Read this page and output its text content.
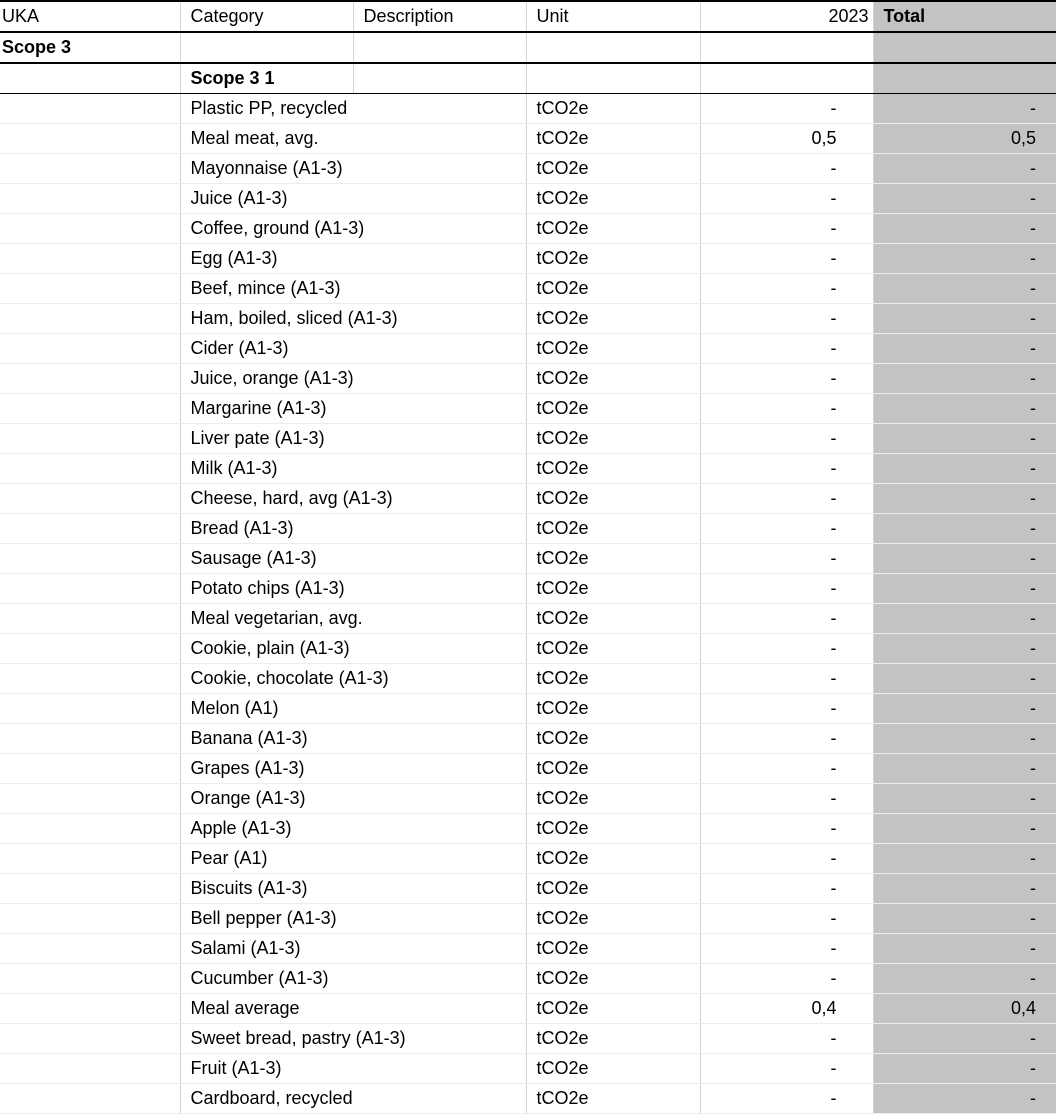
UKA	Category	Description	Unit	2023	Total
Scope 3					
	Scope 3 1				
	Plastic PP, recycled		tCO2e	-	-
	Meal meat, avg.		tCO2e	0,5	0,5
	Mayonnaise (A1-3)		tCO2e	-	-
	Juice (A1-3)		tCO2e	-	-
	Coffee, ground (A1-3)		tCO2e	-	-
	Egg (A1-3)		tCO2e	-	-
	Beef, mince (A1-3)		tCO2e	-	-
	Ham, boiled, sliced (A1-3)		tCO2e	-	-
	Cider (A1-3)		tCO2e	-	-
	Juice, orange (A1-3)		tCO2e	-	-
	Margarine (A1-3)		tCO2e	-	-
	Liver pate (A1-3)		tCO2e	-	-
	Milk (A1-3)		tCO2e	-	-
	Cheese, hard, avg (A1-3)		tCO2e	-	-
	Bread (A1-3)		tCO2e	-	-
	Sausage (A1-3)		tCO2e	-	-
	Potato chips (A1-3)		tCO2e	-	-
	Meal vegetarian, avg.		tCO2e	-	-
	Cookie, plain (A1-3)		tCO2e	-	-
	Cookie, chocolate (A1-3)		tCO2e	-	-
	Melon (A1)		tCO2e	-	-
	Banana (A1-3)		tCO2e	-	-
	Grapes (A1-3)		tCO2e	-	-
	Orange (A1-3)		tCO2e	-	-
	Apple (A1-3)		tCO2e	-	-
	Pear (A1)		tCO2e	-	-
	Biscuits (A1-3)		tCO2e	-	-
	Bell pepper (A1-3)		tCO2e	-	-
	Salami (A1-3)		tCO2e	-	-
	Cucumber (A1-3)		tCO2e	-	-
	Meal average		tCO2e	0,4	0,4
	Sweet bread, pastry (A1-3)		tCO2e	-	-
	Fruit (A1-3)		tCO2e	-	-
	Cardboard, recycled		tCO2e	-	-
